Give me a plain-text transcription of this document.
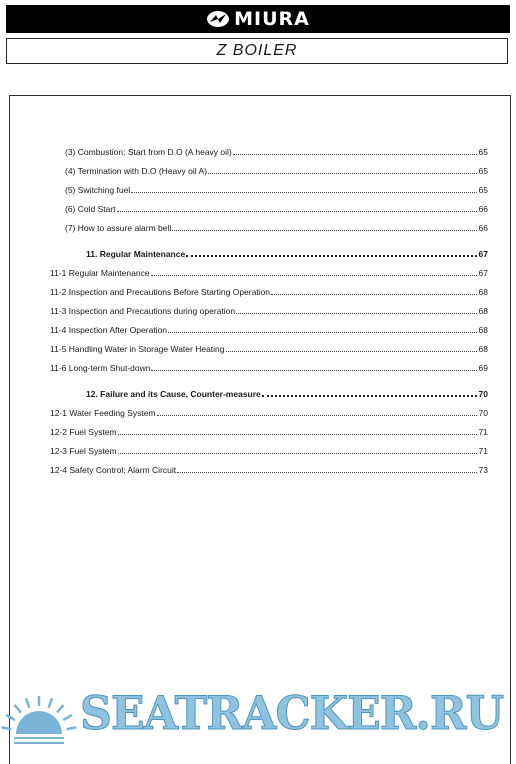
MIURA
Z BOILER
(3) Combustion; Start from D.O (A heavy oil)	65
(4) Termination with D.O (Heavy oil A)	65
(5) Switching fuel	65
(6) Cold Start	66
(7) How to assure alarm bell	66
11. Regular Maintenance	67
11-1 Regular Maintenance	67
11-2 Inspection and Precautions Before Starting Operation	68
11-3 Inspection and Precautions during operation	68
11-4 Inspection After Operation	68
11-5 Handling Water in Storage Water Heating	68
11-6 Long-term Shut-down	69
12. Failure and its Cause, Counter-measure	70
12-1 Water Feeding System	70
12-2 Fuel System	71
12-3 Fuel System	71
12-4 Safety Control; Alarm Circuit	73
SEATRACKER.RU
